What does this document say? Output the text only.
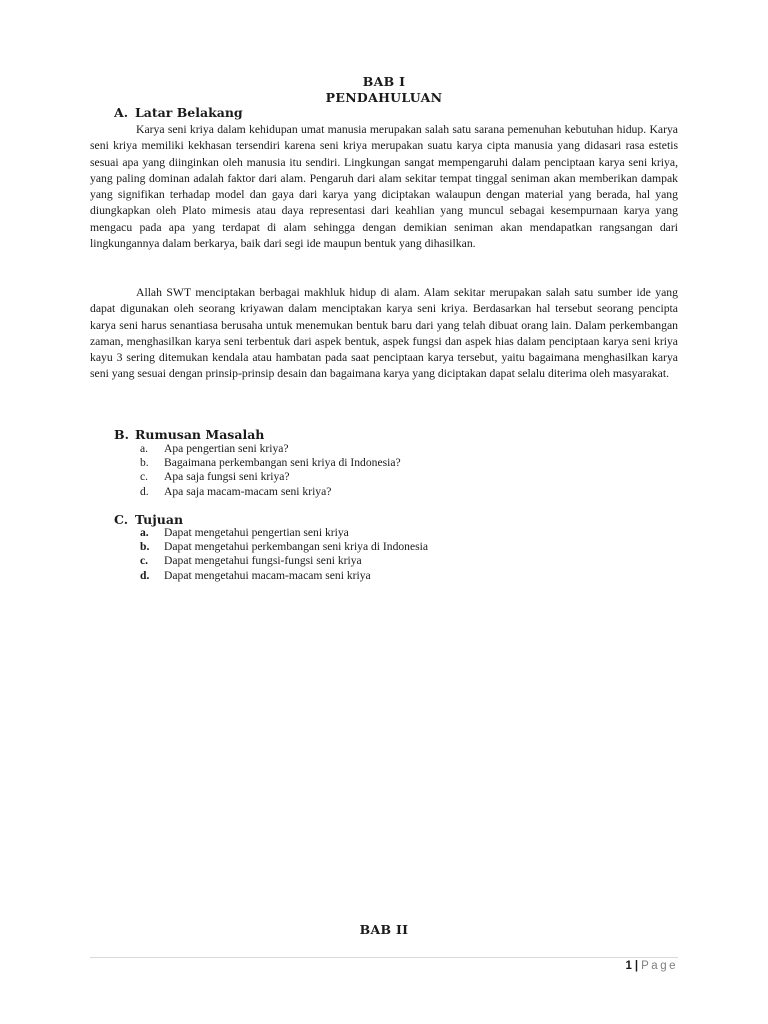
BAB I
PENDAHULUAN
A. Latar Belakang

Karya seni kriya dalam kehidupan umat manusia merupakan salah satu sarana pemenuhan kebutuhan hidup. Karya seni kriya memiliki kekhasan tersendiri karena seni kriya merupakan suatu karya cipta manusia yang didasari rasa estetis sesuai apa yang diinginkan oleh manusia itu sendiri. Lingkungan sangat mempengaruhi dalam penciptaan karya seni kriya, yang paling dominan adalah faktor dari alam. Pengaruh dari alam sekitar tempat tinggal seniman akan memberikan dampak yang signifikan terhadap model dan gaya dari karya yang diciptakan walaupun dengan material yang berada, hal yang diungkapkan oleh Plato mimesis atau daya representasi dari keahlian yang muncul sebagai kesempurnaan karya yang mengacu pada apa yang terdapat di alam sehingga dengan demikian seniman akan mendapatkan rangsangan dari lingkungannya dalam berkarya, baik dari segi ide maupun bentuk yang dihasilkan.

Allah SWT menciptakan berbagai makhluk hidup di alam. Alam sekitar merupakan salah satu sumber ide yang dapat digunakan oleh seorang kriyawan dalam menciptakan karya seni kriya. Berdasarkan hal tersebut seorang pencipta karya seni harus senantiasa berusaha untuk menemukan bentuk baru dari yang telah dibuat orang lain. Dalam perkembangan zaman, menghasilkan karya seni terbentuk dari aspek bentuk, aspek fungsi dan aspek hias dalam penciptaan karya seni kriya kayu 3 sering ditemukan kendala atau hambatan pada saat penciptaan karya tersebut, yaitu bagaimana menghasilkan karya seni yang sesuai dengan prinsip-prinsip desain dan bagaimana karya yang diciptakan dapat selalu diterima oleh masyarakat.

B. Rumusan Masalah
a. Apa pengertian seni kriya?
b. Bagaimana perkembangan seni kriya di Indonesia?
c. Apa saja fungsi seni kriya?
d. Apa saja macam-macam seni kriya?
C. Tujuan
a. Dapat mengetahui pengertian seni kriya
b. Dapat mengetahui perkembangan seni kriya di Indonesia
c. Dapat mengetahui fungsi-fungsi seni kriya
d. Dapat mengetahui macam-macam seni kriya
BAB II
1 | Page
